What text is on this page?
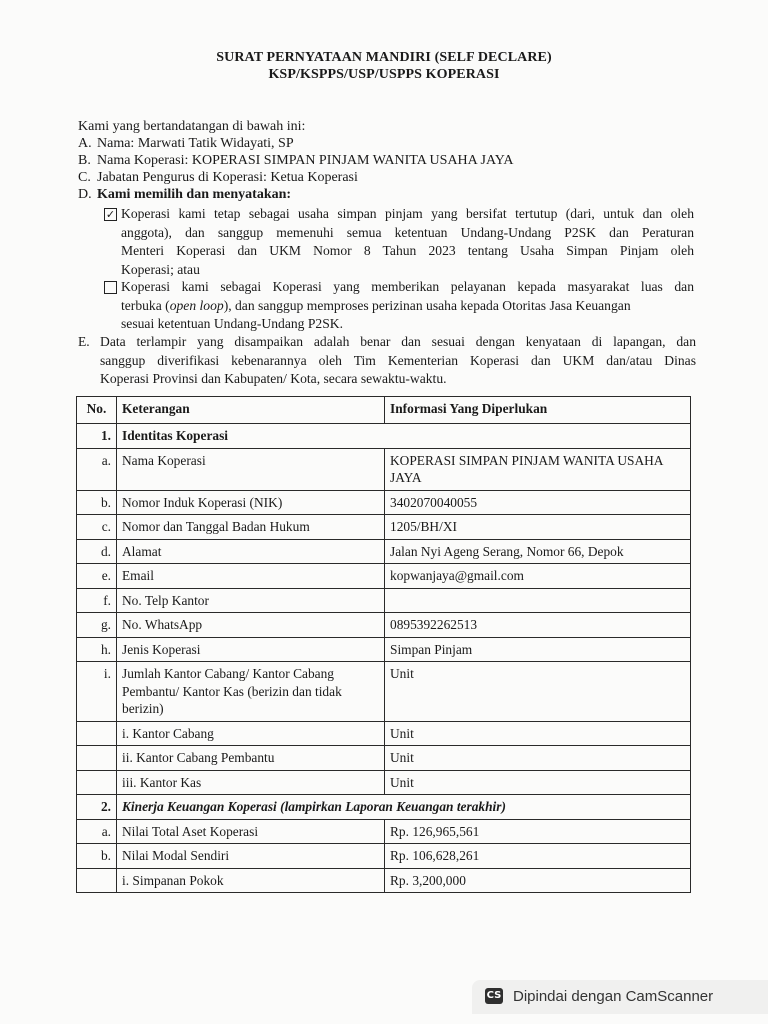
SURAT PERNYATAAN MANDIRI (SELF DECLARE)
KSP/KSPPS/USP/USPPS KOPERASI
Kami yang bertandatangan di bawah ini:
A. Nama: Marwati Tatik Widayati, SP
B. Nama Koperasi: KOPERASI SIMPAN PINJAM WANITA USAHA JAYA
C. Jabatan Pengurus di Koperasi: Ketua Koperasi
D. Kami memilih dan menyatakan:
✓ Koperasi kami tetap sebagai usaha simpan pinjam yang bersifat tertutup (dari, untuk dan oleh
anggota), dan sanggup memenuhi semua ketentuan Undang-Undang P2SK dan Peraturan
Menteri Koperasi dan UKM Nomor 8 Tahun 2023 tentang Usaha Simpan Pinjam oleh
Koperasi; atau
Koperasi kami sebagai Koperasi yang memberikan pelayanan kepada masyarakat luas dan
terbuka (open loop), dan sanggup memproses perizinan usaha kepada Otoritas Jasa Keuangan
sesuai ketentuan Undang-Undang P2SK.
E. Data terlampir yang disampaikan adalah benar dan sesuai dengan kenyataan di lapangan, dan
sanggup diverifikasi kebenarannya oleh Tim Kementerian Koperasi dan UKM dan/atau Dinas
Koperasi Provinsi dan Kabupaten/ Kota, secara sewaktu-waktu.
No.	Keterangan	Informasi Yang Diperlukan
1.	Identitas Koperasi	
a.	Nama Koperasi	KOPERASI SIMPAN PINJAM WANITA USAHA JAYA
b.	Nomor Induk Koperasi (NIK)	3402070040055
c.	Nomor dan Tanggal Badan Hukum	1205/BH/XI
d.	Alamat	Jalan Nyi Ageng Serang, Nomor 66, Depok
e.	Email	kopwanjaya@gmail.com
f.	No. Telp Kantor	
g.	No. WhatsApp	0895392262513
h.	Jenis Koperasi	Simpan Pinjam
i.	Jumlah Kantor Cabang/ Kantor Cabang Pembantu/ Kantor Kas (berizin dan tidak berizin)	Unit
	i. Kantor Cabang	Unit
	ii. Kantor Cabang Pembantu	Unit
	iii. Kantor Kas	Unit
2.	Kinerja Keuangan Koperasi (lampirkan Laporan Keuangan terakhir)	
a.	Nilai Total Aset Koperasi	Rp. 126,965,561
b.	Nilai Modal Sendiri	Rp. 106,628,261
	i. Simpanan Pokok	Rp. 3,200,000
CS Dipindai dengan CamScanner
